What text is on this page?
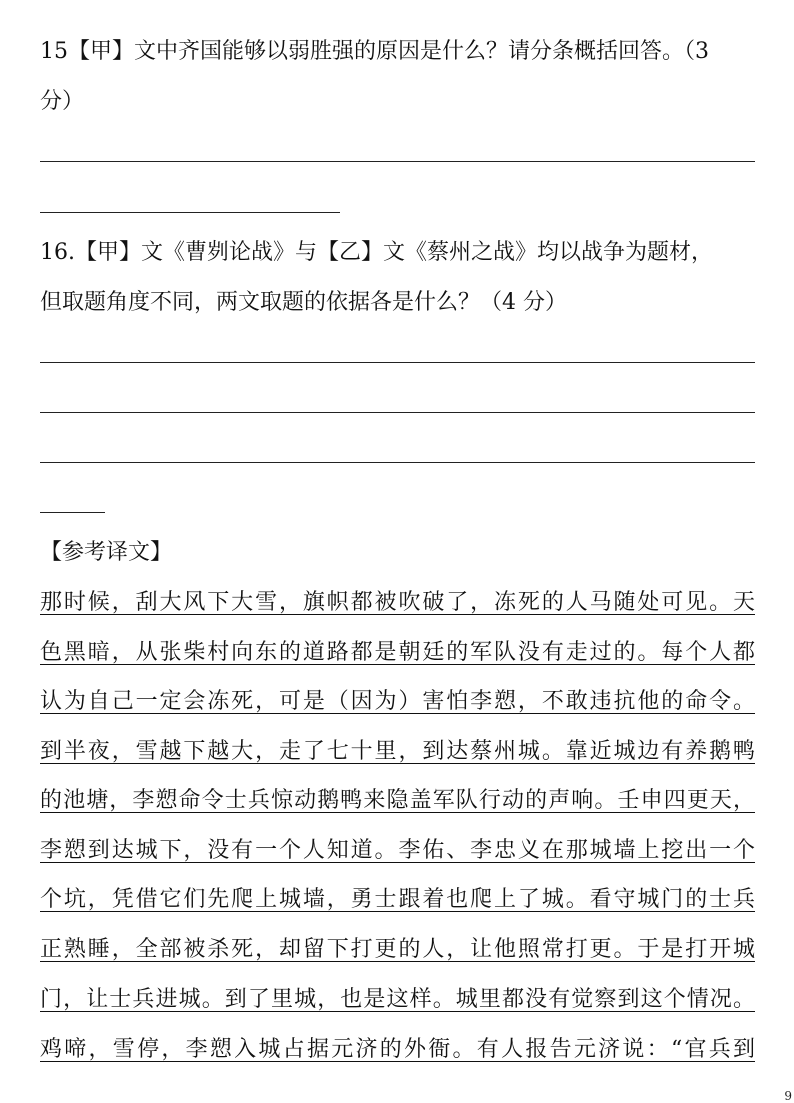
15【甲】文中齐国能够以弱胜强的原因是什么？请分条概括回答。（3
分）
16.【甲】文《曹刿论战》与【乙】文《蔡州之战》均以战争为题材，
但取题角度不同，两文取题的依据各是什么？（4 分）
【参考译文】
那时候，刮大风下大雪，旗帜都被吹破了，冻死的人马随处可见。天
色黑暗，从张柴村向东的道路都是朝廷的军队没有走过的。每个人都
认为自己一定会冻死，可是（因为）害怕李愬，不敢违抗他的命令。
到半夜，雪越下越大，走了七十里，到达蔡州城。靠近城边有养鹅鸭
的池塘，李愬命令士兵惊动鹅鸭来隐盖军队行动的声响。壬申四更天，
李愬到达城下，没有一个人知道。李佑、李忠义在那城墙上挖出一个
个坑，凭借它们先爬上城墙，勇士跟着也爬上了城。看守城门的士兵
正熟睡，全部被杀死，却留下打更的人，让他照常打更。于是打开城
门，让士兵进城。到了里城，也是这样。城里都没有觉察到这个情况。
鸡啼，雪停，李愬入城占据元济的外衙。有人报告元济说：“官兵到
9
